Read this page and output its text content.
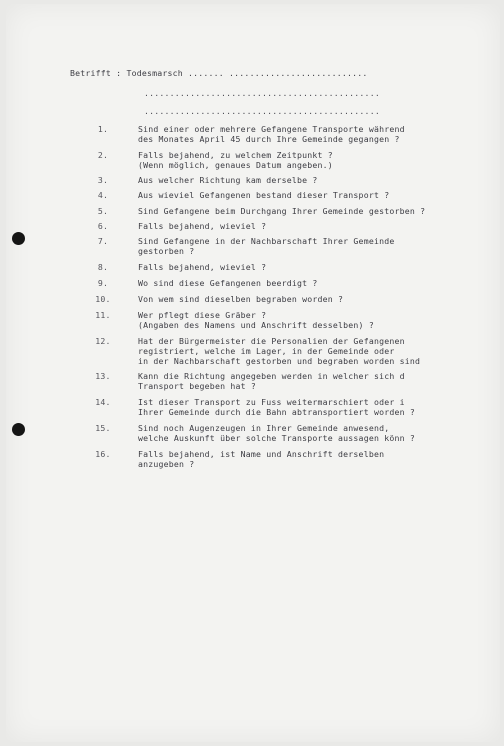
Betrifft : Todesmarsch ....... ...........................
..............................................
..............................................
1.	Sind einer oder mehrere Gefangene Transporte während
des Monates April 45 durch Ihre Gemeinde gegangen ?
2.	Falls bejahend, zu welchem Zeitpunkt ?
(Wenn möglich, genaues Datum angeben.)
3.	Aus welcher Richtung kam derselbe ?
4.	Aus wieviel Gefangenen bestand dieser Transport ?
5.	Sind Gefangene beim Durchgang Ihrer Gemeinde gestorben ?
6.	Falls bejahend, wieviel ?
7.	Sind Gefangene in der Nachbarschaft Ihrer Gemeinde
gestorben ?
8.	Falls bejahend, wieviel ?
9.	Wo sind diese Gefangenen beerdigt ?
10.	Von wem sind dieselben begraben worden ?
11.	Wer pflegt diese Gräber ?
(Angaben des Namens und Anschrift desselben) ?
12.	Hat der Bürgermeister die Personalien der Gefangenen
registriert, welche im Lager, in der Gemeinde oder
in der Nachbarschaft gestorben und begraben worden sind
13.	Kann die Richtung angegeben werden in welcher sich d
Transport begeben hat ?
14.	Ist dieser Transport zu Fuss weitermarschiert oder i
Ihrer Gemeinde durch die Bahn abtransportiert worden ?
15.	Sind noch Augenzeugen in Ihrer Gemeinde anwesend,
welche Auskunft über solche Transporte aussagen könn ?
16.	Falls bejahend, ist Name und Anschrift derselben
anzugeben ?
